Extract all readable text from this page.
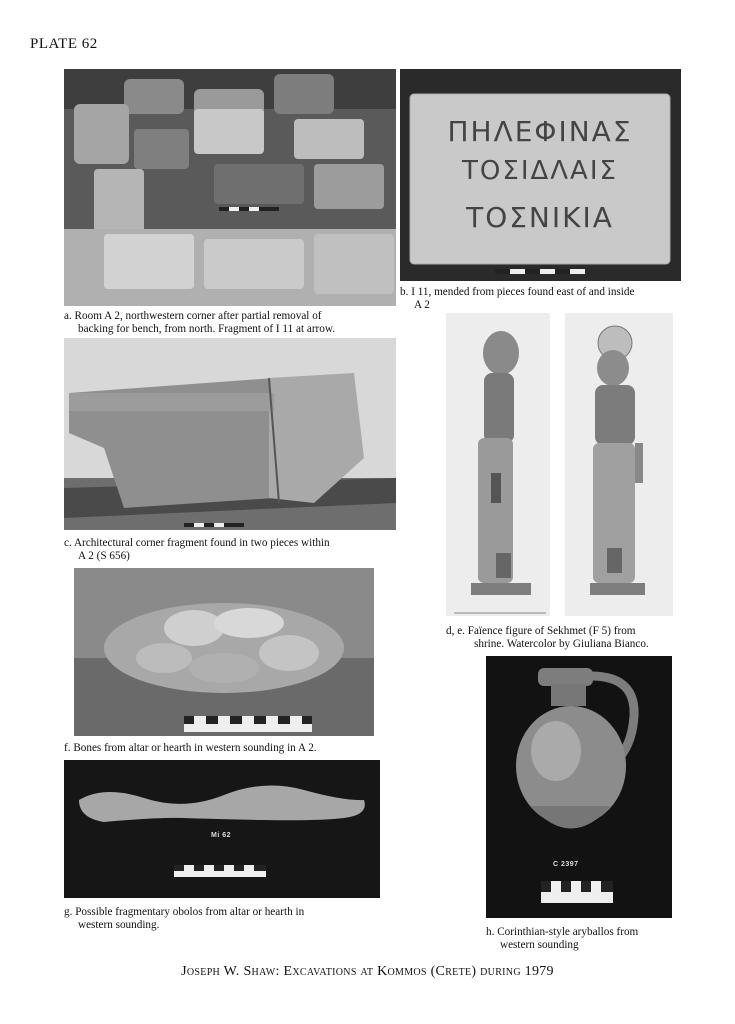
PLATE 62
a. Room A 2, northwestern corner after partial removal of
backing for bench, from north. Fragment of I 11 at arrow.
ΠΗΛΕΦΙΝΑΣ
ΤΟΣΙΔΛΑΙΣ
ΤΟΣΝΙΚΙΑ
b. I 11, mended from pieces found east of and inside
A 2
c. Architectural corner fragment found in two pieces within
A 2 (S 656)
d, e. Faïence figure of Sekhmet (F 5) from
shrine. Watercolor by Giuliana Bianco.
f. Bones from altar or hearth in western sounding in A 2.
Mi 62
g. Possible fragmentary obolos from altar or hearth in
western sounding.
C 2397
h. Corinthian-style aryballos from
western sounding
Joseph W. Shaw: Excavations at Kommos (Crete) during 1979
